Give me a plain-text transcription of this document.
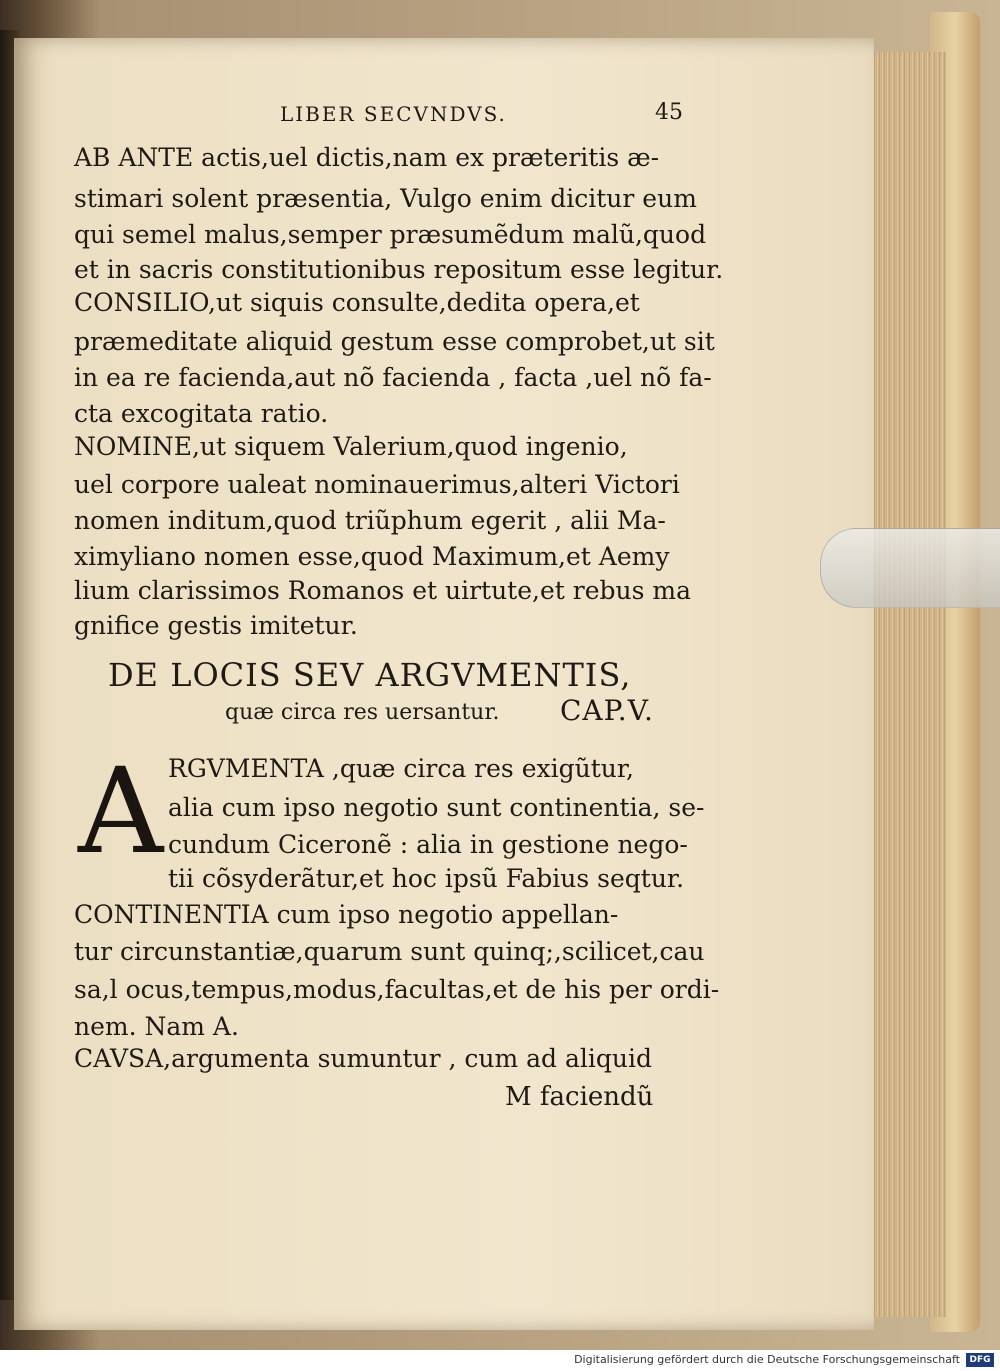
LIBER SECVNDVS.	45
AB ANTE actis,uel dictis,nam ex præteritis æ-
stimari solent præsentia, Vulgo enim dicitur eum
qui semel malus,semper præsumẽdum malũ,quod
et in sacris constitutionibus repositum esse legitur.
CONSILIO,ut siquis consulte,dedita opera,et
præmeditate aliquid gestum esse comprobet,ut sit
in ea re facienda,aut nõ facienda , facta ,uel nõ fa-
cta excogitata ratio.
NOMINE,ut siquem Valerium,quod ingenio,
uel corpore ualeat nominauerimus,alteri Victori
nomen inditum,quod triũphum egerit , alii Ma-
ximyliano nomen esse,quod Maximum,et Aemy
lium clarissimos Romanos et uirtute,et rebus ma
gnifice gestis imitetur.
DE LOCIS SEV ARGVMENTIS,
quæ circa res uersantur. CAP.V.
A RGVMENTA ,quæ circa res exigũtur,
alia cum ipso negotio sunt continentia, se-
cundum Ciceronẽ : alia in gestione nego-
tii cõsyderãtur,et hoc ipsũ Fabius seqtur.
CONTINENTIA cum ipso negotio appellan-
tur circunstantiæ,quarum sunt quinq;,scilicet,cau
sa,l ocus,tempus,modus,facultas,et de his per ordi-
nem. Nam A.
CAVSA,argumenta sumuntur , cum ad aliquid
M faciendũ
Digitalisierung gefördert durch die Deutsche Forschungsgemeinschaft	DFG
